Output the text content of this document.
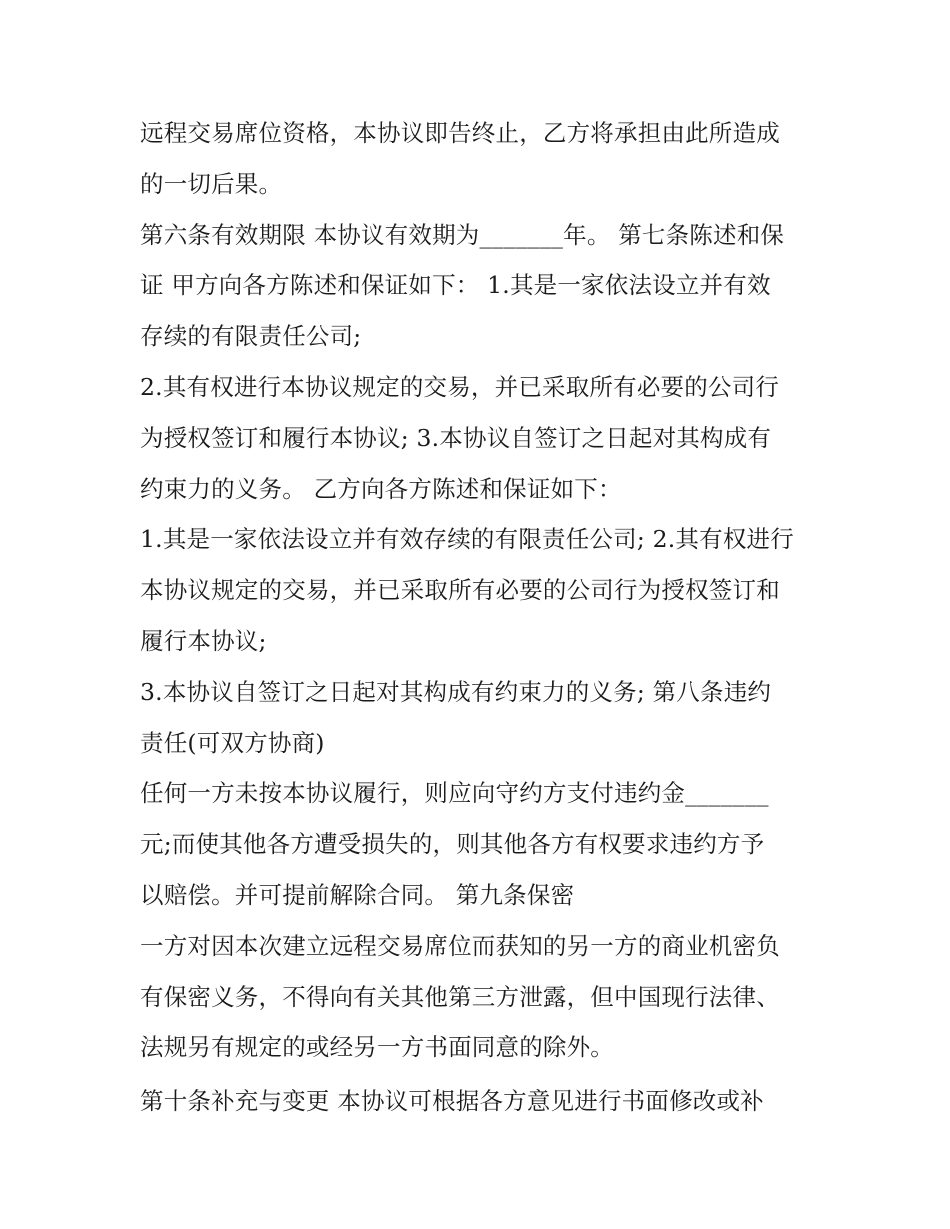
远程交易席位资格，本协议即告终止，乙方将承担由此所造成
的一切后果。
第六条有效期限 本协议有效期为_______年。 第七条陈述和保
证 甲方向各方陈述和保证如下： 1.其是一家依法设立并有效
存续的有限责任公司;
2.其有权进行本协议规定的交易，并已采取所有必要的公司行
为授权签订和履行本协议; 3.本协议自签订之日起对其构成有
约束力的义务。 乙方向各方陈述和保证如下：
1.其是一家依法设立并有效存续的有限责任公司; 2.其有权进行
本协议规定的交易，并已采取所有必要的公司行为授权签订和
履行本协议;
3.本协议自签订之日起对其构成有约束力的义务; 第八条违约
责任(可双方协商)
任何一方未按本协议履行，则应向守约方支付违约金_______
元;而使其他各方遭受损失的，则其他各方有权要求违约方予
以赔偿。并可提前解除合同。 第九条保密
一方对因本次建立远程交易席位而获知的另一方的商业机密负
有保密义务，不得向有关其他第三方泄露，但中国现行法律、
法规另有规定的或经另一方书面同意的除外。
第十条补充与变更 本协议可根据各方意见进行书面修改或补
